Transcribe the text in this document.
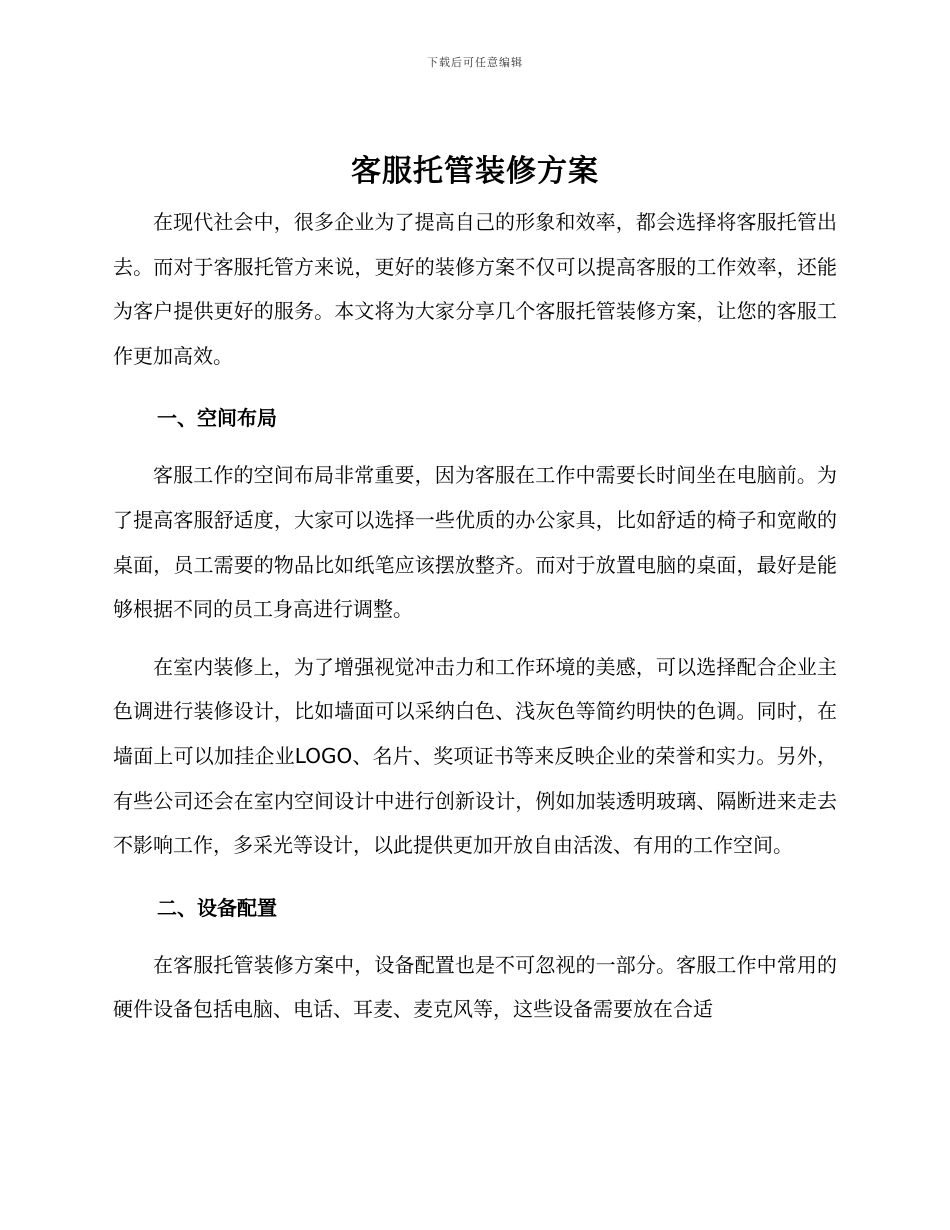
下载后可任意编辑
客服托管装修方案

在现代社会中，很多企业为了提高自己的形象和效率，都会选择将客服托管出去。而对于客服托管方来说，更好的装修方案不仅可以提高客服的工作效率，还能为客户提供更好的服务。本文将为大家分享几个客服托管装修方案，让您的客服工作更加高效。

一、空间布局

客服工作的空间布局非常重要，因为客服在工作中需要长时间坐在电脑前。为了提高客服舒适度，大家可以选择一些优质的办公家具，比如舒适的椅子和宽敞的桌面，员工需要的物品比如纸笔应该摆放整齐。而对于放置电脑的桌面，最好是能够根据不同的员工身高进行调整。

在室内装修上，为了增强视觉冲击力和工作环境的美感，可以选择配合企业主色调进行装修设计，比如墙面可以采纳白色、浅灰色等简约明快的色调。同时，在墙面上可以加挂企业LOGO、名片、奖项证书等来反映企业的荣誉和实力。另外，有些公司还会在室内空间设计中进行创新设计，例如加装透明玻璃、隔断进来走去不影响工作，多采光等设计，以此提供更加开放自由活泼、有用的工作空间。

二、设备配置

在客服托管装修方案中，设备配置也是不可忽视的一部分。客服工作中常用的硬件设备包括电脑、电话、耳麦、麦克风等，这些设备需要放在合适
